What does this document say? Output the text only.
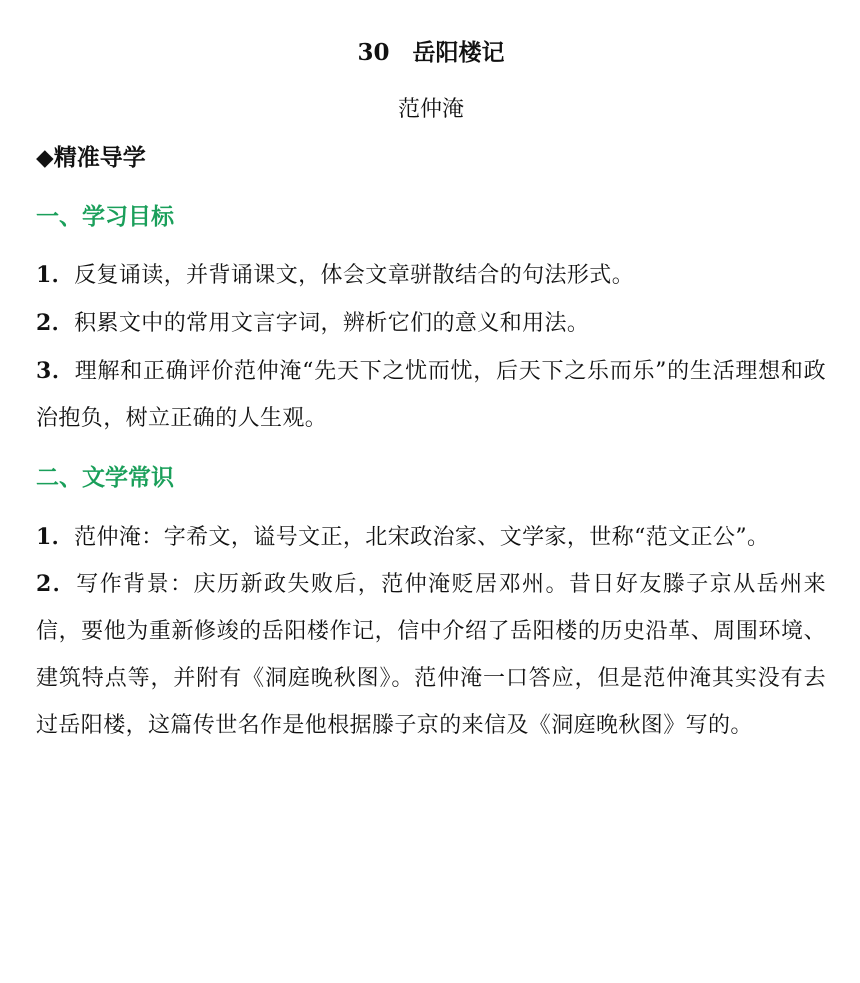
30　岳阳楼记
范仲淹
◆精准导学
一、学习目标
1．反复诵读，并背诵课文，体会文章骈散结合的句法形式。
2．积累文中的常用文言字词，辨析它们的意义和用法。
3．理解和正确评价范仲淹“先天下之忧而忧，后天下之乐而乐”的生活理想和政治抱负，树立正确的人生观。
二、文学常识
1．范仲淹：字希文，谥号文正，北宋政治家、文学家，世称“范文正公”。
2．写作背景：庆历新政失败后，范仲淹贬居邓州。昔日好友滕子京从岳州来信，要他为重新修竣的岳阳楼作记，信中介绍了岳阳楼的历史沿革、周围环境、建筑特点等，并附有《洞庭晚秋图》。范仲淹一口答应，但是范仲淹其实没有去过岳阳楼，这篇传世名作是他根据滕子京的来信及《洞庭晚秋图》写的。
